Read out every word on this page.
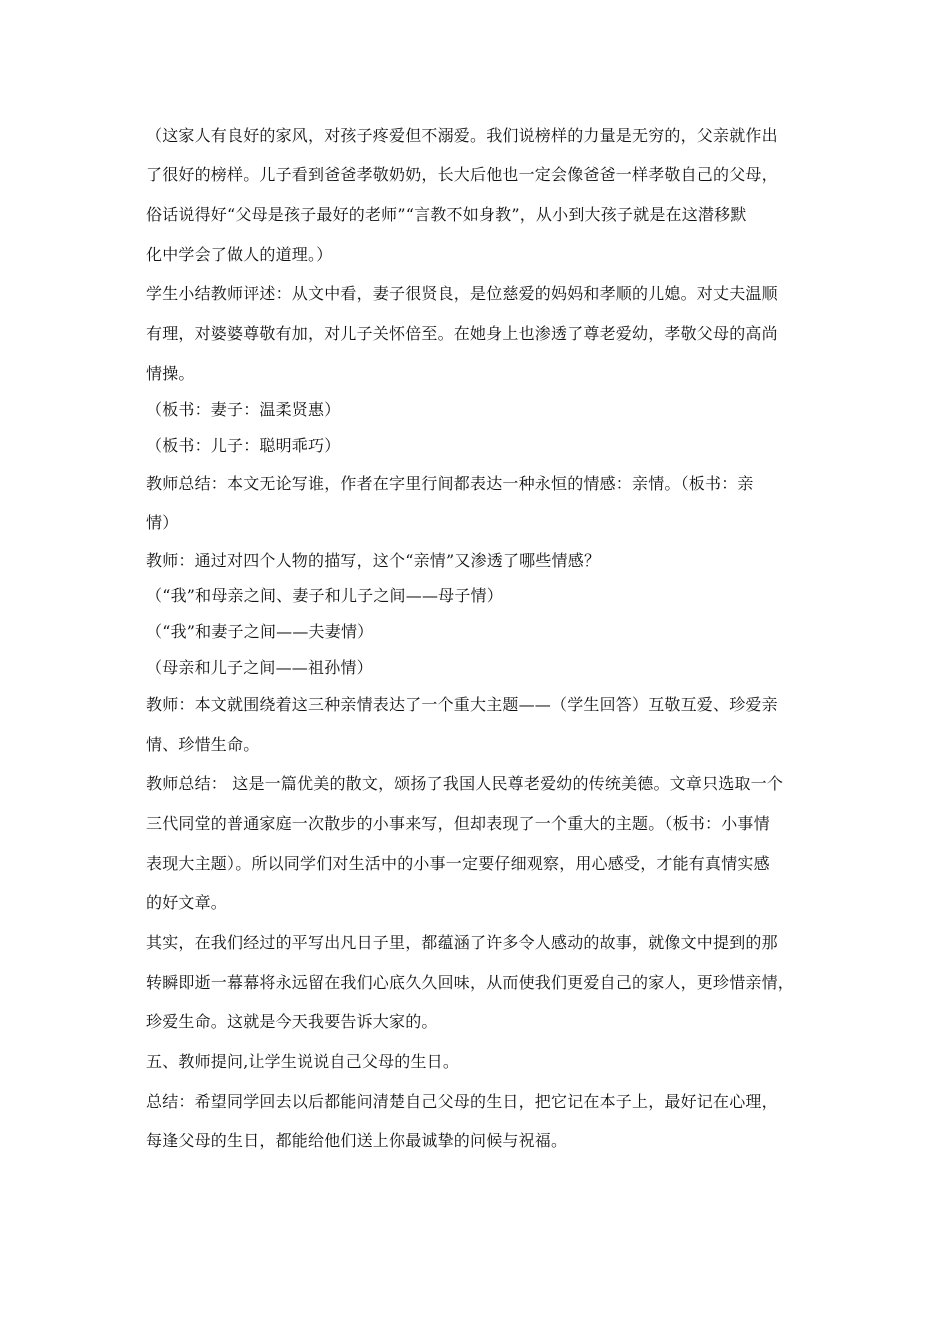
（这家人有良好的家风，对孩子疼爱但不溺爱。我们说榜样的力量是无穷的，父亲就作出
了很好的榜样。儿子看到爸爸孝敬奶奶，长大后他也一定会像爸爸一样孝敬自己的父母，
俗话说得好“父母是孩子最好的老师”“言教不如身教”，从小到大孩子就是在这潜移默
化中学会了做人的道理。）
学生小结教师评述：从文中看，妻子很贤良，是位慈爱的妈妈和孝顺的儿媳。对丈夫温顺
有理，对婆婆尊敬有加，对儿子关怀倍至。在她身上也渗透了尊老爱幼，孝敬父母的高尚
情操。
（板书：妻子：温柔贤惠）
（板书：儿子：聪明乖巧）
教师总结：本文无论写谁，作者在字里行间都表达一种永恒的情感：亲情。（板书：亲
情）
教师：通过对四个人物的描写，这个“亲情”又渗透了哪些情感？
（“我”和母亲之间、妻子和儿子之间——母子情）
（“我”和妻子之间——夫妻情）
（母亲和儿子之间——祖孙情）
教师：本文就围绕着这三种亲情表达了一个重大主题——（学生回答）互敬互爱、珍爱亲
情、珍惜生命。
教师总结： 这是一篇优美的散文，颂扬了我国人民尊老爱幼的传统美德。文章只选取一个
三代同堂的普通家庭一次散步的小事来写，但却表现了一个重大的主题。（板书：小事情
表现大主题）。所以同学们对生活中的小事一定要仔细观察，用心感受，才能有真情实感
的好文章。
其实，在我们经过的平写出凡日子里，都蕴涵了许多令人感动的故事，就像文中提到的那
转瞬即逝一幕幕将永远留在我们心底久久回味，从而使我们更爱自己的家人，更珍惜亲情，
珍爱生命。这就是今天我要告诉大家的。
五、教师提问,让学生说说自己父母的生日。
总结：希望同学回去以后都能问清楚自己父母的生日，把它记在本子上，最好记在心理，
每逢父母的生日，都能给他们送上你最诚挚的问候与祝福。
